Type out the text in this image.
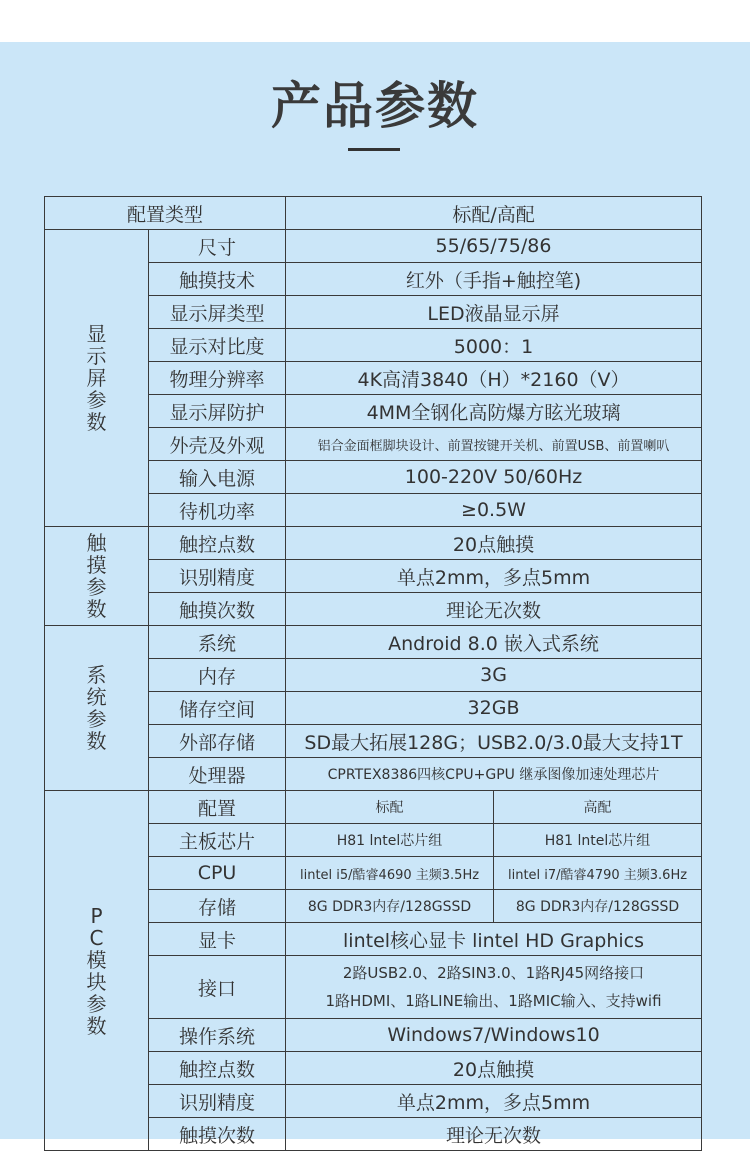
产品参数
配置类型		标配/高配	
显示屏参数	尺寸	55/65/75/86	
	触摸技术	红外（手指+触控笔)	
	显示屏类型	LED液晶显示屏	
	显示对比度	5000：1	
	物理分辨率	4K高清3840（H）*2160（V）	
	显示屏防护	4MM全钢化高防爆方眩光玻璃	
	外壳及外观	铝合金面框脚块设计、前置按键开关机、前置USB、前置喇叭	
	输入电源	100-220V 50/60Hz	
	待机功率	≥0.5W	
触摸参数	触控点数	20点触摸	
	识别精度	单点2mm，多点5mm	
	触摸次数	理论无次数	
系统参数	系统	Android 8.0 嵌入式系统	
	内存	3G	
	储存空间	32GB	
	外部存储	SD最大拓展128G；USB2.0/3.0最大支持1T	
	处理器	CPRTEX8386四核CPU+GPU 继承图像加速处理芯片	
PC模块参数	配置	标配	高配
	主板芯片	H81 lntel芯片组	H81 lntel芯片组
	CPU	lintel i5/酷睿4690 主频3.5Hz	lintel i7/酷睿4790 主频3.6Hz
	存储	8G DDR3内存/128GSSD	8G DDR3内存/128GSSD
	显卡	lintel核心显卡 lintel HD Graphics	
	接口	2路USB2.0、2路SIN3.0、1路RJ45网络接口
1路HDMI、1路LINE输出、1路MIC输入、支持wifi	

	操作系统	Windows7/Windows10	
	触控点数	20点触摸	
	识别精度	单点2mm，多点5mm	
	触摸次数	理论无次数	
